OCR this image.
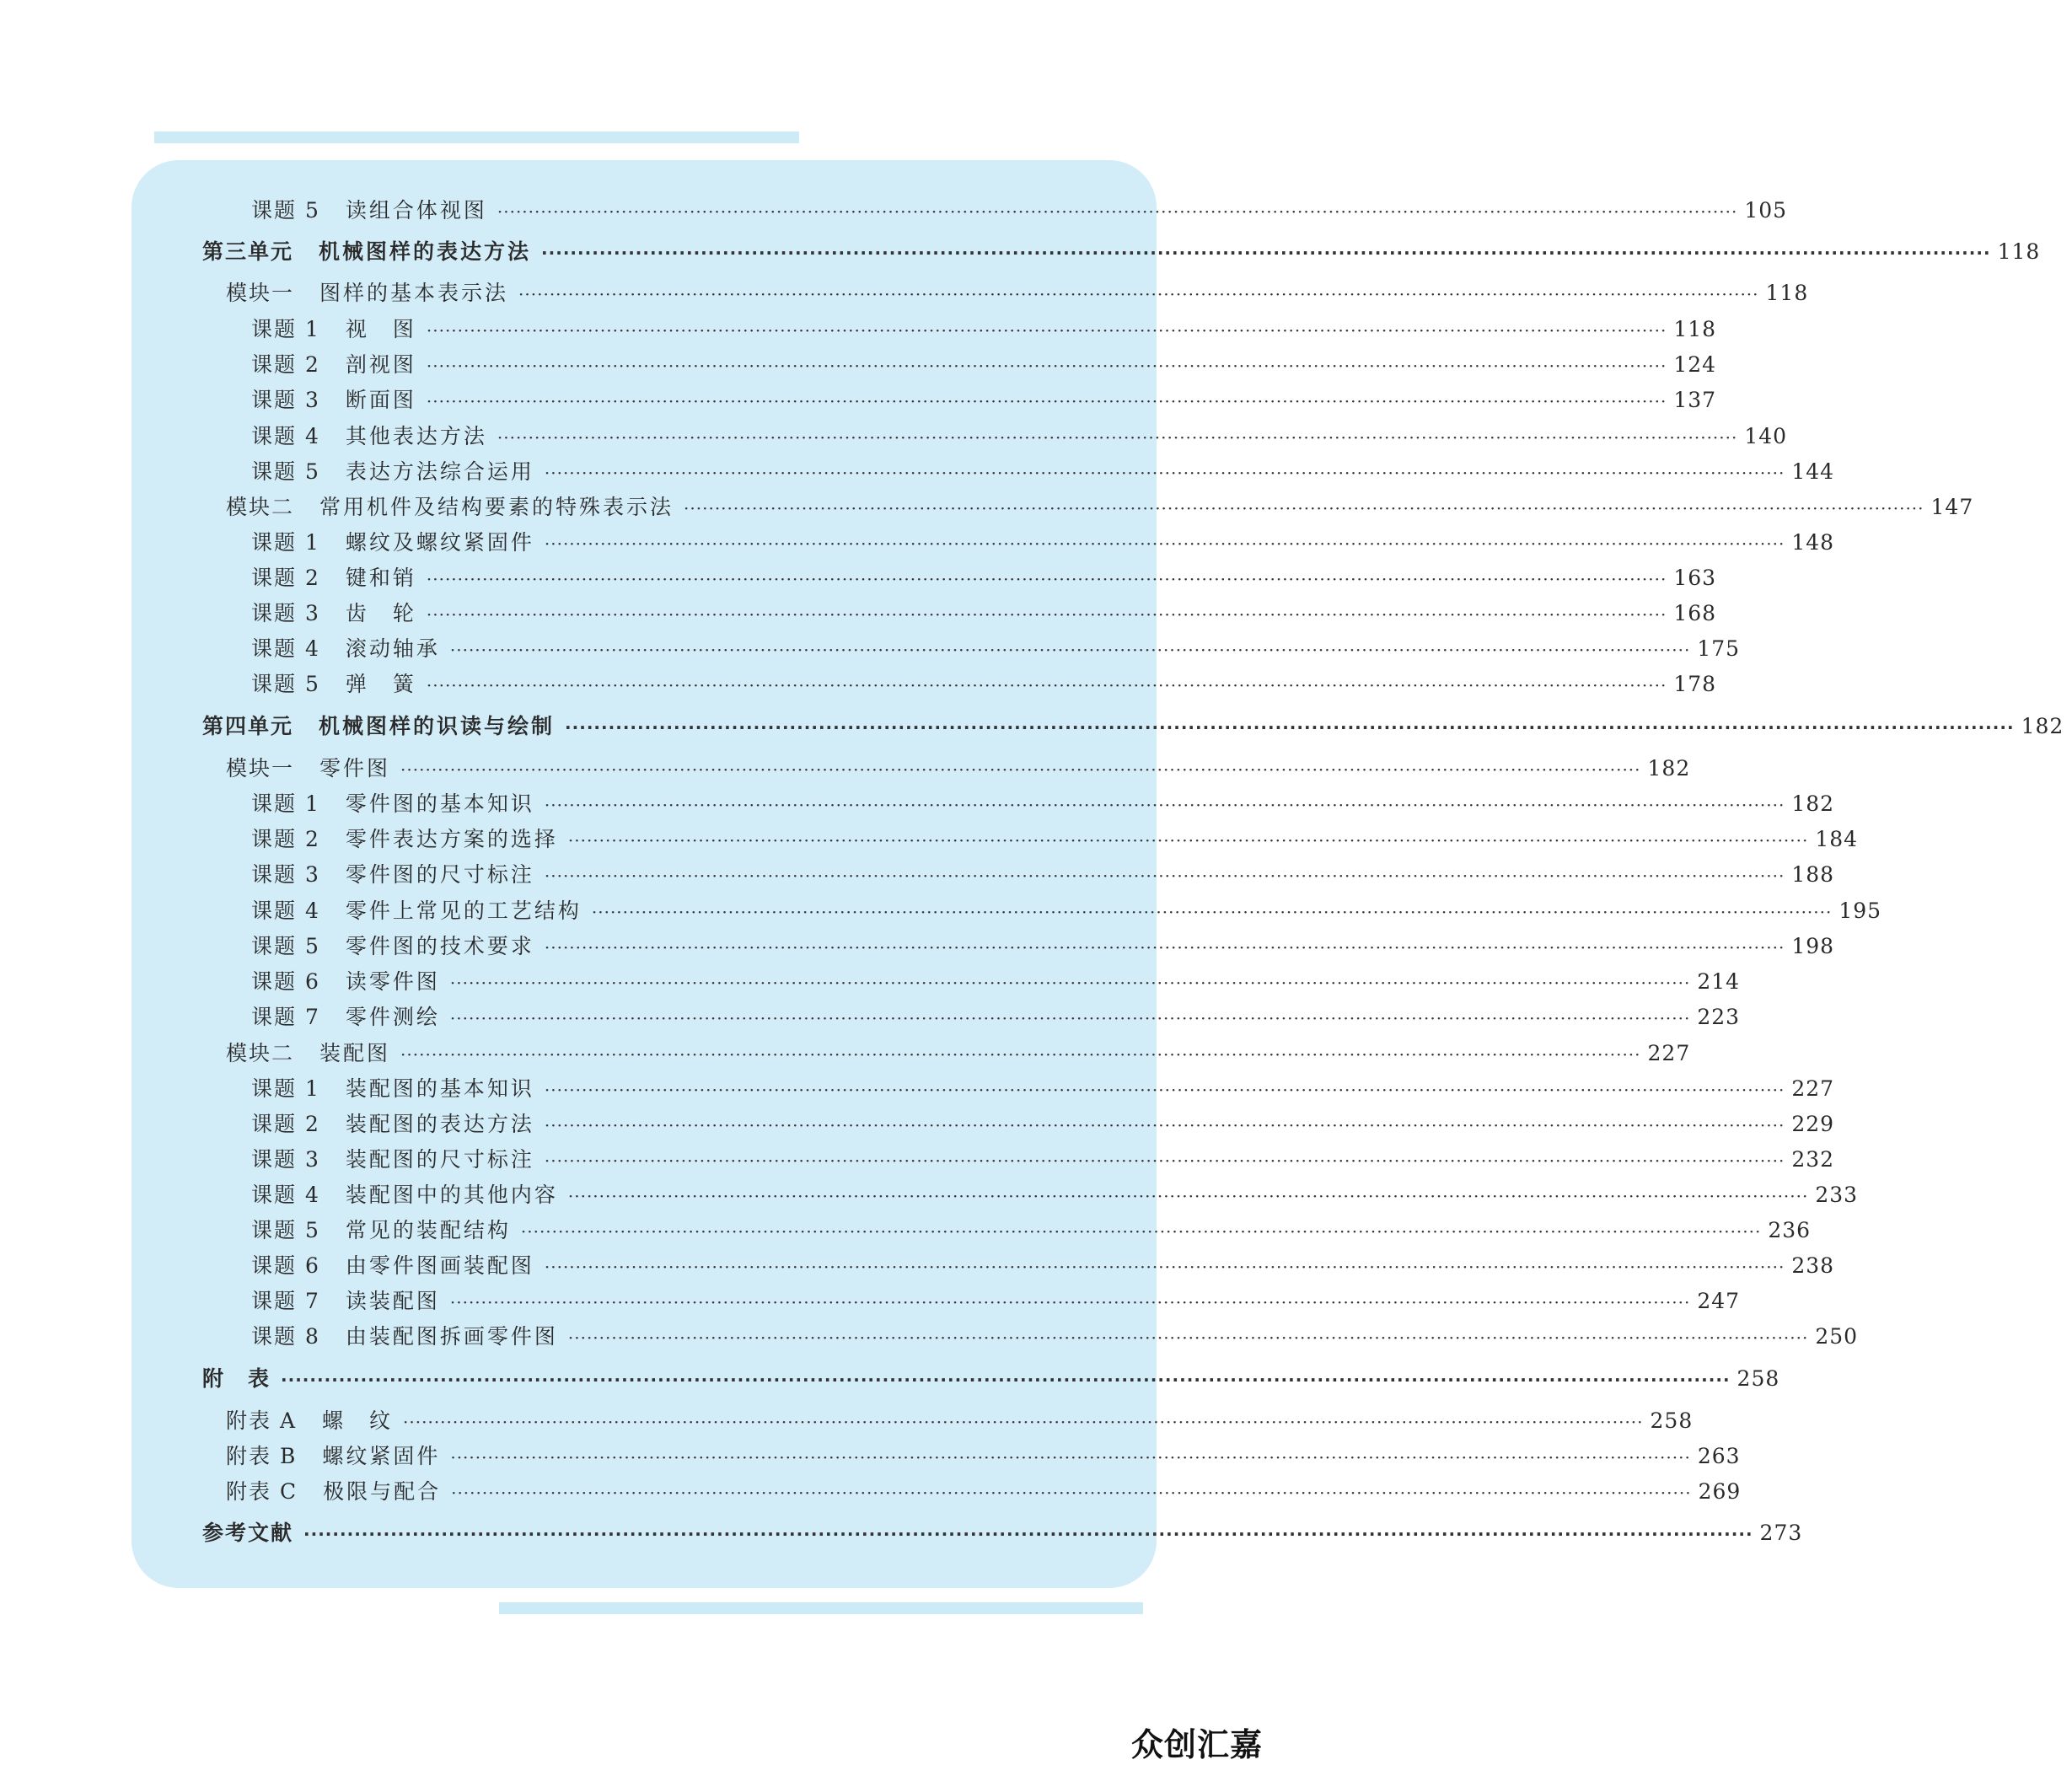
课题 5 读组合体视图 ········································································································································································································ 105
第三单元 机械图样的表达方法 ········································································································································································································ 118
模块一 图样的基本表示法 ········································································································································································································ 118
课题 1 视　图 ········································································································································································································ 118
课题 2 剖视图 ········································································································································································································ 124
课题 3 断面图 ········································································································································································································ 137
课题 4 其他表达方法 ········································································································································································································ 140
课题 5 表达方法综合运用 ········································································································································································································ 144
模块二 常用机件及结构要素的特殊表示法 ········································································································································································································ 147
课题 1 螺纹及螺纹紧固件 ········································································································································································································ 148
课题 2 键和销 ········································································································································································································ 163
课题 3 齿　轮 ········································································································································································································ 168
课题 4 滚动轴承 ········································································································································································································ 175
课题 5 弹　簧 ········································································································································································································ 178
第四单元 机械图样的识读与绘制 ········································································································································································································ 182
模块一 零件图 ········································································································································································································ 182
课题 1 零件图的基本知识 ········································································································································································································ 182
课题 2 零件表达方案的选择 ········································································································································································································ 184
课题 3 零件图的尺寸标注 ········································································································································································································ 188
课题 4 零件上常见的工艺结构 ········································································································································································································ 195
课题 5 零件图的技术要求 ········································································································································································································ 198
课题 6 读零件图 ········································································································································································································ 214
课题 7 零件测绘 ········································································································································································································ 223
模块二 装配图 ········································································································································································································ 227
课题 1 装配图的基本知识 ········································································································································································································ 227
课题 2 装配图的表达方法 ········································································································································································································ 229
课题 3 装配图的尺寸标注 ········································································································································································································ 232
课题 4 装配图中的其他内容 ········································································································································································································ 233
课题 5 常见的装配结构 ········································································································································································································ 236
课题 6 由零件图画装配图 ········································································································································································································ 238
课题 7 读装配图 ········································································································································································································ 247
课题 8 由装配图拆画零件图 ········································································································································································································ 250
附　表 ········································································································································································································ 258
附表 A 螺　纹 ········································································································································································································ 258
附表 B 螺纹紧固件 ········································································································································································································ 263
附表 C 极限与配合 ········································································································································································································ 269
参考文献 ········································································································································································································ 273
众创汇嘉
